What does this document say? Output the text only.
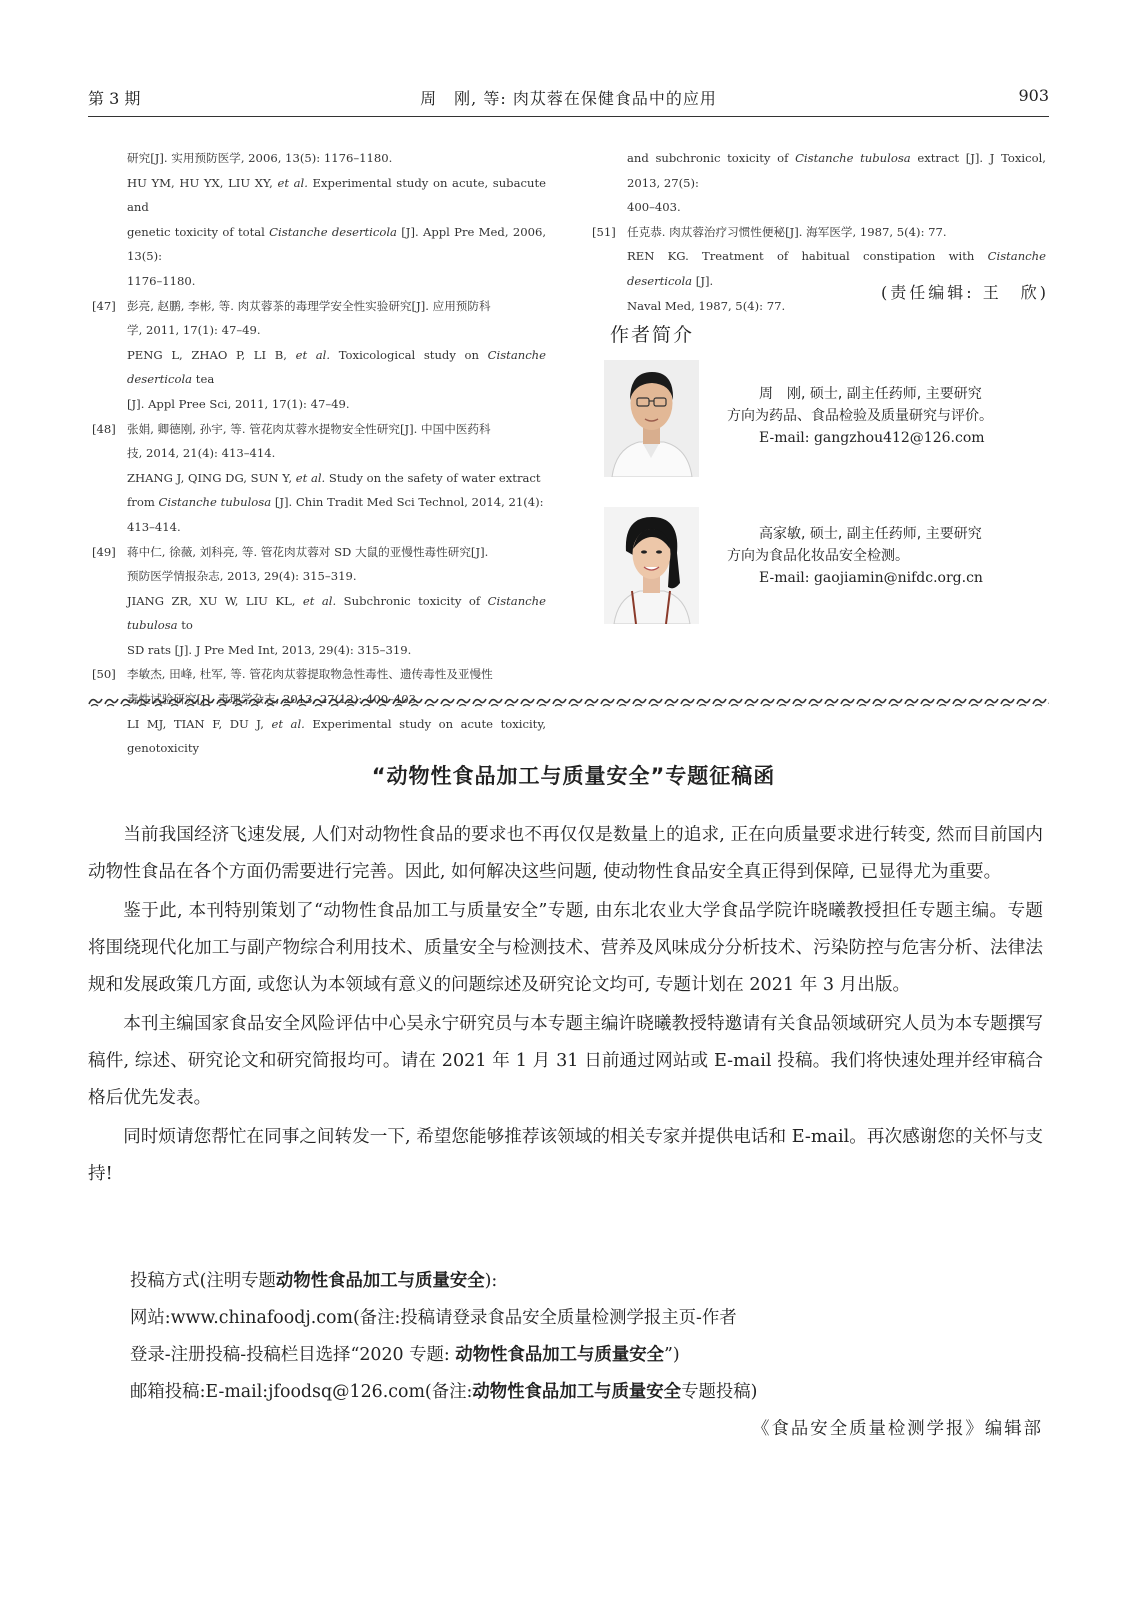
第 3 期	周　刚, 等: 肉苁蓉在保健食品中的应用	903
研究[J]. 实用预防医学, 2006, 13(5): 1176–1180.
HU YM, HU YX, LIU XY, et al. Experimental study on acute, subacute and
genetic toxicity of total Cistanche deserticola [J]. Appl Pre Med, 2006, 13(5):
1176–1180.
[47] 彭亮, 赵鹏, 李彬, 等. 肉苁蓉茶的毒理学安全性实验研究[J]. 应用预防科
学, 2011, 17(1): 47–49.
PENG L, ZHAO P, LI B, et al. Toxicological study on Cistanche deserticola tea
[J]. Appl Pree Sci, 2011, 17(1): 47–49.
[48] 张娟, 卿德刚, 孙宇, 等. 管花肉苁蓉水提物安全性研究[J]. 中国中医药科
技, 2014, 21(4): 413–414.
ZHANG J, QING DG, SUN Y, et al. Study on the safety of water extract
from Cistanche tubulosa [J]. Chin Tradit Med Sci Technol, 2014, 21(4):
413–414.
[49] 蒋中仁, 徐薇, 刘科亮, 等. 管花肉苁蓉对 SD 大鼠的亚慢性毒性研究[J].
预防医学情报杂志, 2013, 29(4): 315–319.
JIANG ZR, XU W, LIU KL, et al. Subchronic toxicity of Cistanche tubulosa to
SD rats [J]. J Pre Med Int, 2013, 29(4): 315–319.
[50] 李敏杰, 田峰, 杜军, 等. 管花肉苁蓉提取物急性毒性、遗传毒性及亚慢性
LI MJ, TIAN F, DU J, et al. Experimental study on acute toxicity, genotoxicity
and subchronic toxicity of Cistanche tubulosa extract [J]. J Toxicol, 2013, 27(5):
400–403.
[51] 任克恭. 肉苁蓉治疗习惯性便秘[J]. 海军医学, 1987, 5(4): 77.
REN KG. Treatment of habitual constipation with Cistanche deserticola [J].
Naval Med, 1987, 5(4): 77.
(责任编辑: 王　欣)
作者简介
周　刚, 硕士, 副主任药师, 主要研究
方向为药品、食品检验及质量研究与评价。
E-mail: gangzhou412@126.com
高家敏, 硕士, 副主任药师, 主要研究
方向为食品化妆品安全检测。
E-mail: gaojiamin@nifdc.org.cn
“动物性食品加工与质量安全”专题征稿函

当前我国经济飞速发展, 人们对动物性食品的要求也不再仅仅是数量上的追求, 正在向质量要求进行转变, 然而目前国内动物性食品在各个方面仍需要进行完善。因此, 如何解决这些问题, 使动物性食品安全真正得到保障, 已显得尤为重要。

鉴于此, 本刊特别策划了“动物性食品加工与质量安全”专题, 由东北农业大学食品学院许晓曦教授担任专题主编。专题将围绕现代化加工与副产物综合利用技术、质量安全与检测技术、营养及风味成分分析技术、污染防控与危害分析、法律法规和发展政策几方面, 或您认为本领域有意义的问题综述及研究论文均可, 专题计划在 2021 年 3 月出版。

本刊主编国家食品安全风险评估中心吴永宁研究员与本专题主编许晓曦教授特邀请有关食品领域研究人员为本专题撰写稿件, 综述、研究论文和研究简报均可。请在 2021 年 1 月 31 日前通过网站或 E-mail 投稿。我们将快速处理并经审稿合格后优先发表。

同时烦请您帮忙在同事之间转发一下, 希望您能够推荐该领域的相关专家并提供电话和 E-mail。再次感谢您的关怀与支持!

投稿方式(注明专题动物性食品加工与质量安全):
网站:www.chinafoodj.com(备注:投稿请登录食品安全质量检测学报主页-作者
登录-注册投稿-投稿栏目选择“2020 专题: 动物性食品加工与质量安全”)
邮箱投稿:E-mail:jfoodsq@126.com(备注:动物性食品加工与质量安全专题投稿)
《食品安全质量检测学报》编辑部
